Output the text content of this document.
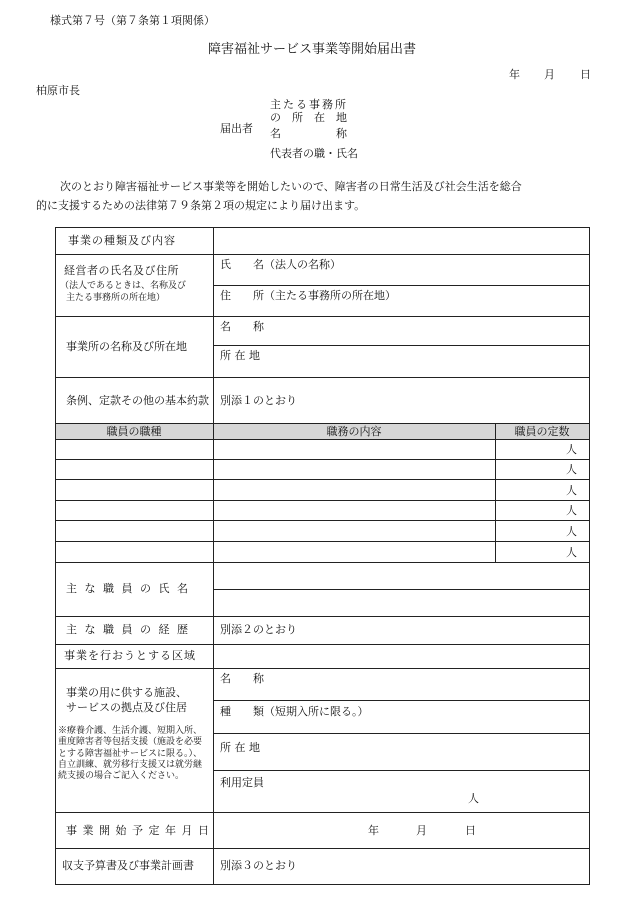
様式第７号（第７条第１項関係）
障害福祉サービス事業等開始届出書
年 月 日
柏原市長
届出者
主たる事務所
の　所　在　地
名　　　　　称
代表者の職・氏名
次のとおり障害福祉サービス事業等を開始したいので、障害者の日常生活及び社会生活を総合
的に支援するための法律第７９条第２項の規定により届け出ます。
事業の種類及び内容
経営者の氏名及び住所
（法人であるときは、名称及び
主たる事務所の所在地）
氏　　名（法人の名称）
住　　所（主たる事務所の所在地）
事業所の名称及び所在地
名　　称
所 在 地
条例、定款その他の基本約款 別添１のとおり
職員の職種	職務の内容	職員の定数
人
人
人
人
人
人
主 な 職 員 の 氏 名
主 な 職 員 の 経 歴	別添２のとおり
事業を行おうとする区域
事業の用に供する施設、
サービスの拠点及び住居
※療養介護、生活介護、短期入所、重度障害者等包括支援（施設を必要とする障害福祉サービスに限る。）、自立訓練、就労移行支援又は就労継続支援の場合ご記入ください。
名　　称
種　　類（短期入所に限る。）
所 在 地
利用定員
人
事 業 開 始 予 定 年 月 日	年	月	日
収支予算書及び事業計画書 別添３のとおり
